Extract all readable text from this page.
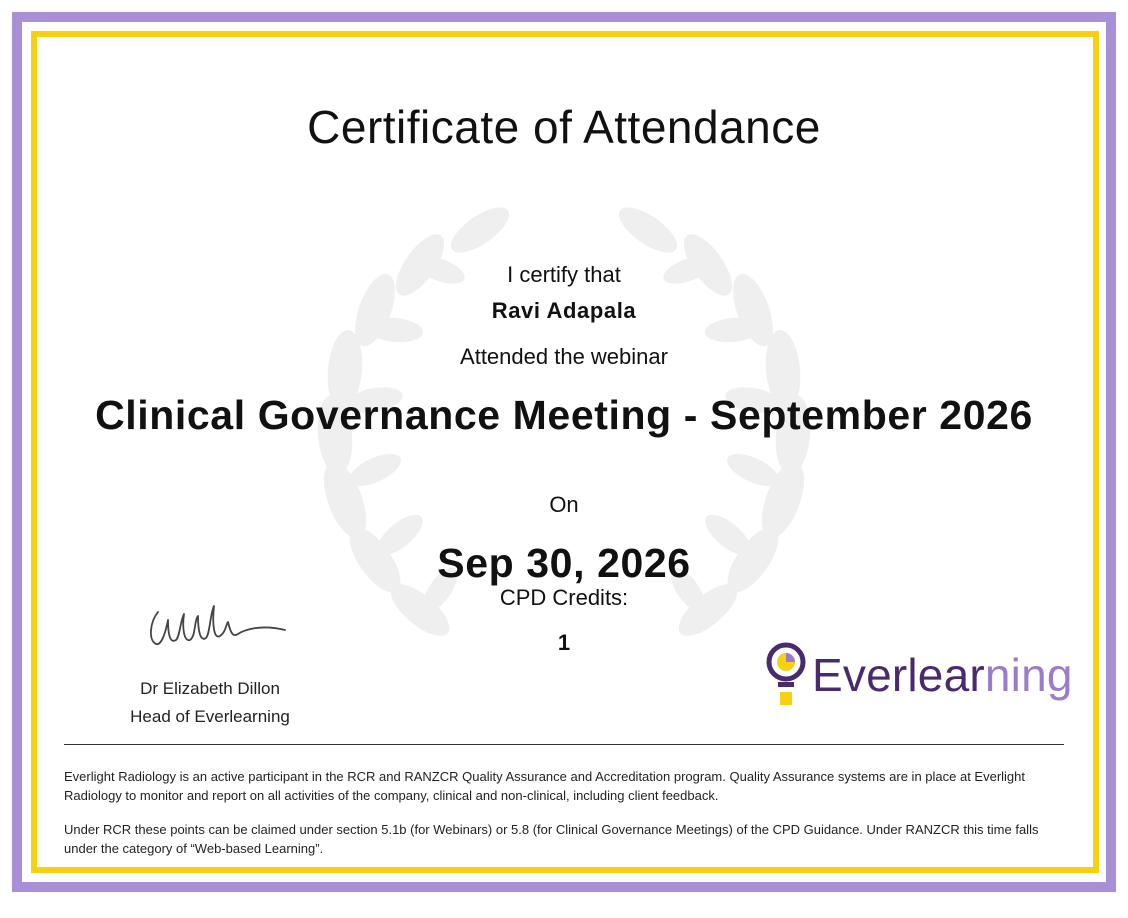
Certificate of Attendance
I certify that
Ravi Adapala
Attended the webinar
Clinical Governance Meeting - September 2026
On
Sep 30, 2026
CPD Credits:
1
Dr Elizabeth Dillon
Head of Everlearning
Everlearning
Everlight Radiology is an active participant in the RCR and RANZCR Quality Assurance and Accreditation program. Quality Assurance systems are in place at Everlight Radiology to monitor and report on all activities of the company, clinical and non-clinical, including client feedback.
Under RCR these points can be claimed under section 5.1b (for Webinars) or 5.8 (for Clinical Governance Meetings) of the CPD Guidance. Under RANZCR this time falls under the category of “Web-based Learning”.
